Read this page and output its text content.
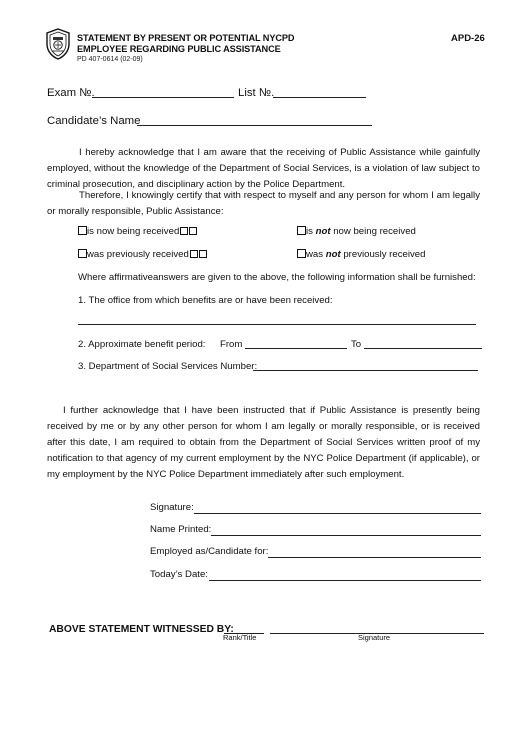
STATEMENT BY PRESENT OR POTENTIAL NYCPD
EMPLOYEE REGARDING PUBLIC ASSISTANCE
PD 407-0614 (02-09)
APD-26
Exam №.	List №.
Candidate’s Name
I hereby acknowledge that I am aware that the receiving of Public Assistance while gainfully employed, without the knowledge of the Department of Social Services, is a violation of law subject to criminal prosecution, and disciplinary action by the Police Department.
Therefore, I knowingly certify that with respect to myself and any person for whom I am legally or morally responsible, Public Assistance:
is now being received	is not now being received
was previously received	was not previously received
Where affirmativeanswers are given to the above, the following information shall be furnished:
1. The office from which benefits are or have been received:
2. Approximate benefit period: From	To
3. Department of Social Services Number:
I further acknowledge that I have been instructed that if Public Assistance is presently being received by me or by any other person for whom I am legally or morally responsible, or is received after this date, I am required to obtain from the Department of Social Services written proof of my notification to that agency of my current employment by the NYC Police Department (if applicable), or my employment by the NYC Police Department immediately after such employment.
Signature:
Name Printed:
Employed as/Candidate for:
Today’s Date:
ABOVE STATEMENT WITNESSED BY:
Rank/Title	Signature
